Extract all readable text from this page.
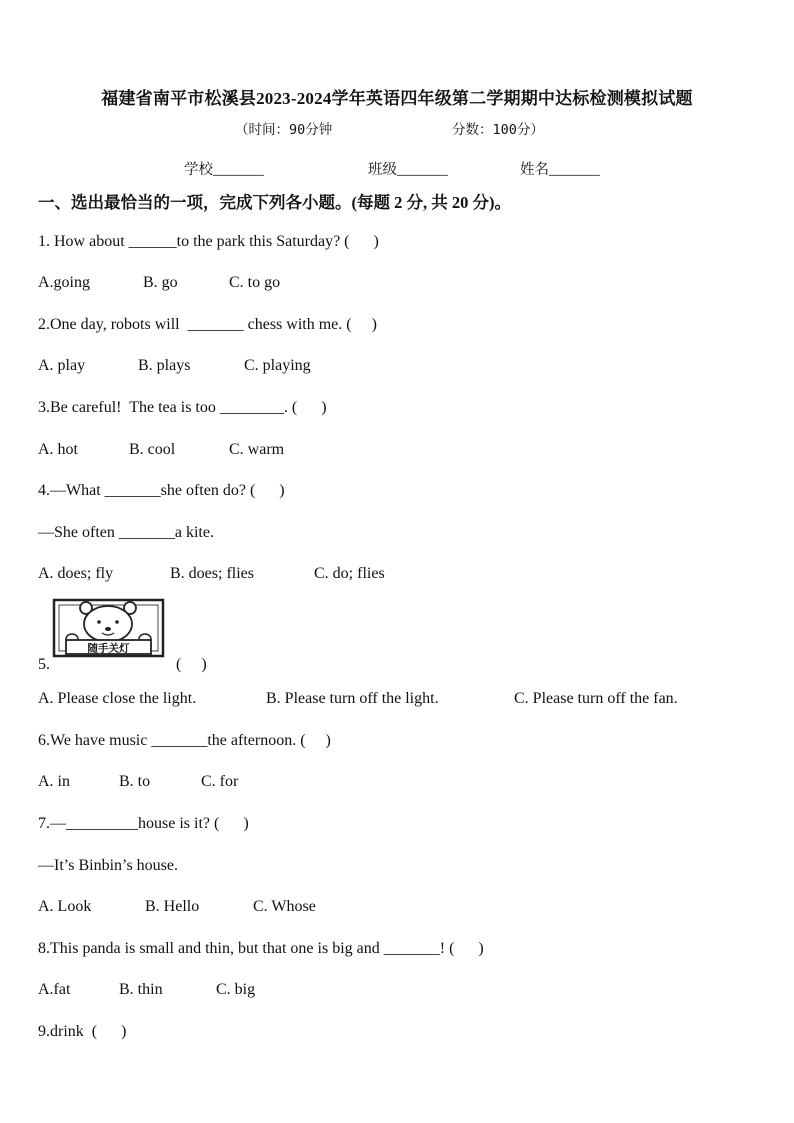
福建省南平市松溪县2023-2024学年英语四年级第二学期期中达标检测模拟试题
（时间：90分钟	分数：100分）
学校_______	班级_______	姓名_______
一、选出最恰当的一项，完成下列各小题。(每题 2 分, 共 20 分)。
1. How about ______to the park this Saturday? (      )
A.going	B. go	C. to go
2.One day, robots will  _______ chess with me. (     )
A. play	B. plays	C. playing
3.Be careful!  The tea is too ________. (      )
A. hot	B. cool	C. warm
4.—What _______she often do? (      )
—She often _______a kite.
A. does; fly	B. does; flies	C. do; flies
随手关灯
5.	(     )
A. Please close the light.	B. Please turn off the light.	C. Please turn off the fan.
6.We have music _______the afternoon. (     )
A. in	B. to	C. for
7.—_________house is it? (      )
—It’s Binbin’s house.
A. Look	B. Hello	C. Whose
8.This panda is small and thin, but that one is big and _______! (      )
A.fat	B. thin	C. big
9.drink  (      )
